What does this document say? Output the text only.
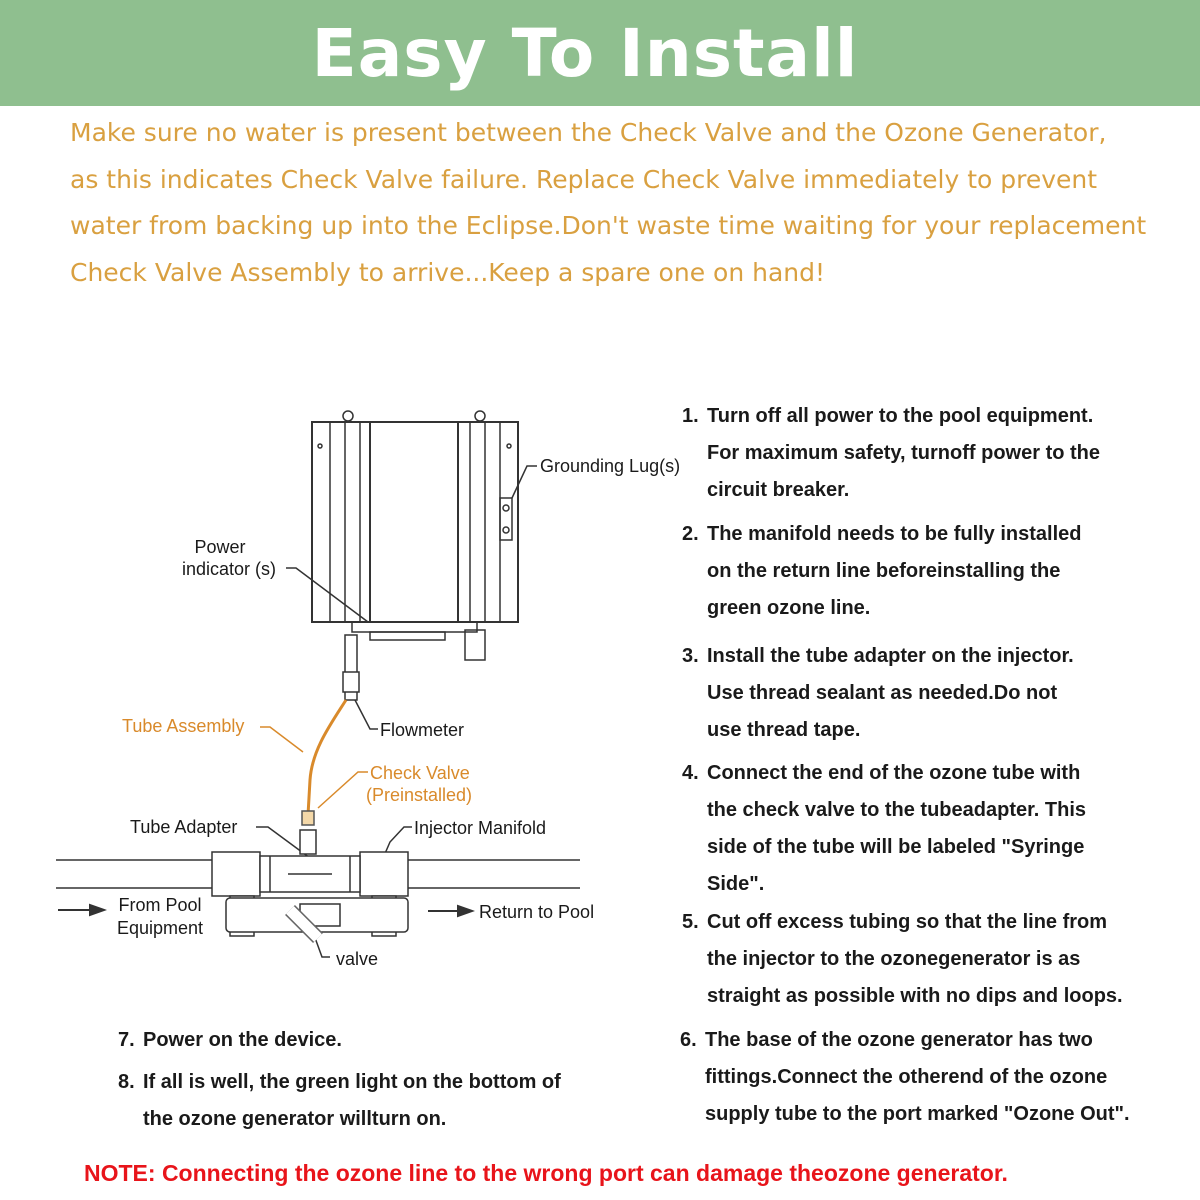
Easy To Install
Make sure no water is present between the Check Valve and the Ozone Generator,
as this indicates Check Valve failure. Replace Check Valve immediately to prevent
water from backing up into the Eclipse.Don't waste time waiting for your replacement
Check Valve Assembly to arrive...Keep a spare one on hand!
Grounding Lug(s)
Power
indicator (s)
Flowmeter
Tube Adapter	Injector Manifold
From Pool
Equipment
Return to Pool
valve
Tube Assembly
Check Valve
(Preinstalled)
1. Turn off all power to the pool equipment.
For maximum safety, turnoff power to the
circuit breaker.
2. The manifold needs to be fully installed
on the return line beforeinstalling the
green ozone line.
3. Install the tube adapter on the injector.
Use thread sealant as needed.Do not
use thread tape.
4. Connect the end of the ozone tube with
the check valve to the tubeadapter. This
side of the tube will be labeled "Syringe
Side".
5. Cut off excess tubing so that the line from
the injector to the ozonegenerator is as
straight as possible with no dips and loops.
6. The base of the ozone generator has two
fittings.Connect the otherend of the ozone
supply tube to the port marked "Ozone Out".
7. Power on the device.
8. If all is well, the green light on the bottom of
the ozone generator willturn on.
NOTE: Connecting the ozone line to the wrong port can damage theozone generator.
